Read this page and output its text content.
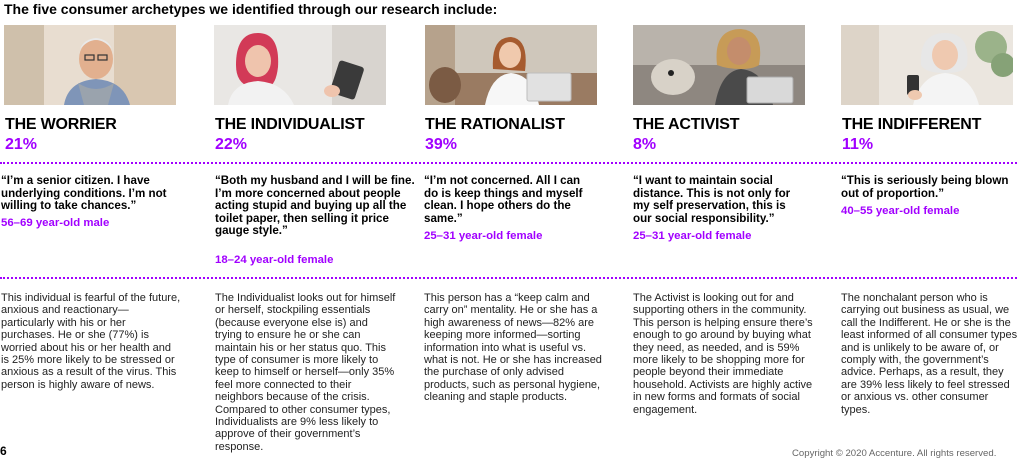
The five consumer archetypes we identified through our research include:
THE WORRIER
21%
“I’m a senior citizen. I have underlying conditions. I’m not willing to take chances.”
56–69 year-old male
This individual is fearful of the future, anxious and reactionary—particularly with his or her purchases. He or she (77%) is worried about his or her health and is 25% more likely to be stressed or anxious as a result of the virus. This person is highly aware of news.
THE INDIVIDUALIST
22%
“Both my husband and I will be fine. I’m more concerned about people acting stupid and buying up all the toilet paper, then selling it price gauge style.”
18–24 year-old female
The Individualist looks out for himself or herself, stockpiling essentials (because everyone else is) and trying to ensure he or she can maintain his or her status quo. This type of consumer is more likely to keep to himself or herself—only 35% feel more connected to their neighbors because of the crisis. Compared to other consumer types, Individualists are 9% less likely to approve of their government’s response.
THE RATIONALIST
39%
“I’m not concerned. All I can do is keep things and myself clean. I hope others do the same.”
25–31 year-old female
This person has a “keep calm and carry on” mentality. He or she has a high awareness of news—82% are keeping more informed—sorting information into what is useful vs. what is not. He or she has increased the purchase of only advised products, such as personal hygiene, cleaning and staple products.
THE ACTIVIST
8%
“I want to maintain social distance. This is not only for my self preservation, this is our social responsibility.”
25–31 year-old female
The Activist is looking out for and supporting others in the community. This person is helping ensure there’s enough to go around by buying what they need, as needed, and is 59% more likely to be shopping more for people beyond their immediate household. Activists are highly active in new forms and formats of social engagement.
THE INDIFFERENT
11%
“This is seriously being blown out of proportion.”
40–55 year-old female
The nonchalant person who is carrying out business as usual, we call the Indifferent. He or she is the least informed of all consumer types and is unlikely to be aware of, or comply with, the government’s advice. Perhaps, as a result, they are 39% less likely to feel stressed or anxious vs. other consumer types.
6	Copyright © 2020 Accenture. All rights reserved.
